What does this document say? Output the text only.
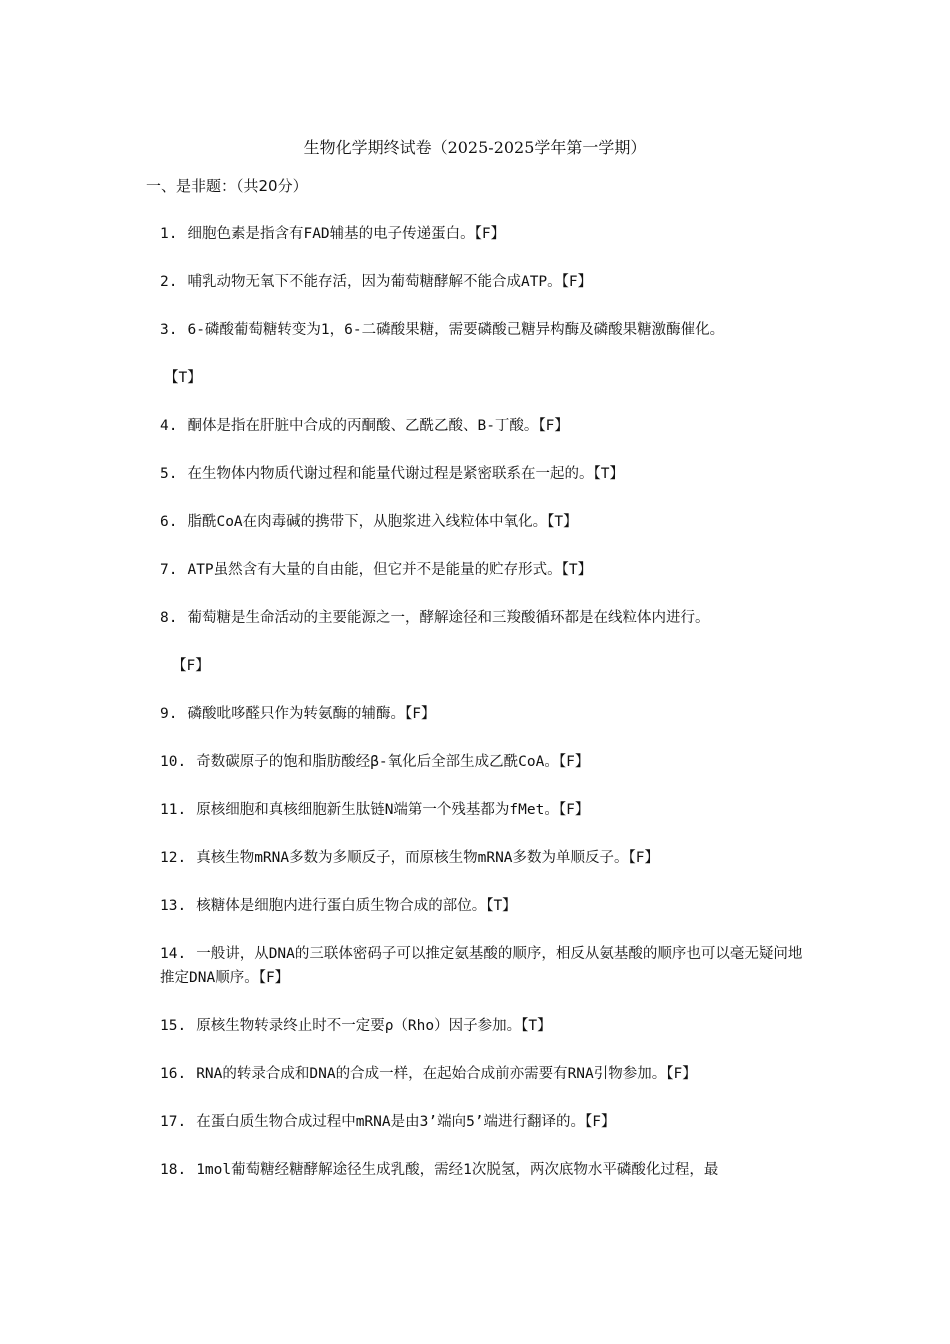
生物化学期终试卷（2025-2025学年第一学期）
一、是非题：（共20分）
1. 细胞色素是指含有FAD辅基的电子传递蛋白。【F】
2. 哺乳动物无氧下不能存活，因为葡萄糖酵解不能合成ATP。【F】
3. 6-磷酸葡萄糖转变为1，6-二磷酸果糖，需要磷酸己糖异构酶及磷酸果糖激酶催化。
【T】
4. 酮体是指在肝脏中合成的丙酮酸、乙酰乙酸、B-丁酸。【F】
5. 在生物体内物质代谢过程和能量代谢过程是紧密联系在一起的。【T】
6. 脂酰CoA在肉毒碱的携带下，从胞浆进入线粒体中氧化。【T】
7. ATP虽然含有大量的自由能，但它并不是能量的贮存形式。【T】
8. 葡萄糖是生命活动的主要能源之一，酵解途径和三羧酸循环都是在线粒体内进行。
【F】
9. 磷酸吡哆醛只作为转氨酶的辅酶。【F】
10. 奇数碳原子的饱和脂肪酸经β-氧化后全部生成乙酰CoA。【F】
11. 原核细胞和真核细胞新生肽链N端第一个残基都为fMet。【F】
12. 真核生物mRNA多数为多顺反子，而原核生物mRNA多数为单顺反子。【F】
13. 核糖体是细胞内进行蛋白质生物合成的部位。【T】
14. 一般讲，从DNA的三联体密码子可以推定氨基酸的顺序，相反从氨基酸的顺序也可以毫无疑问地推定DNA顺序。【F】
15. 原核生物转录终止时不一定要ρ（Rho）因子参加。【T】
16. RNA的转录合成和DNA的合成一样，在起始合成前亦需要有RNA引物参加。【F】
17. 在蛋白质生物合成过程中mRNA是由3’端向5’端进行翻译的。【F】
18. 1mol葡萄糖经糖酵解途径生成乳酸，需经1次脱氢，两次底物水平磷酸化过程，最
